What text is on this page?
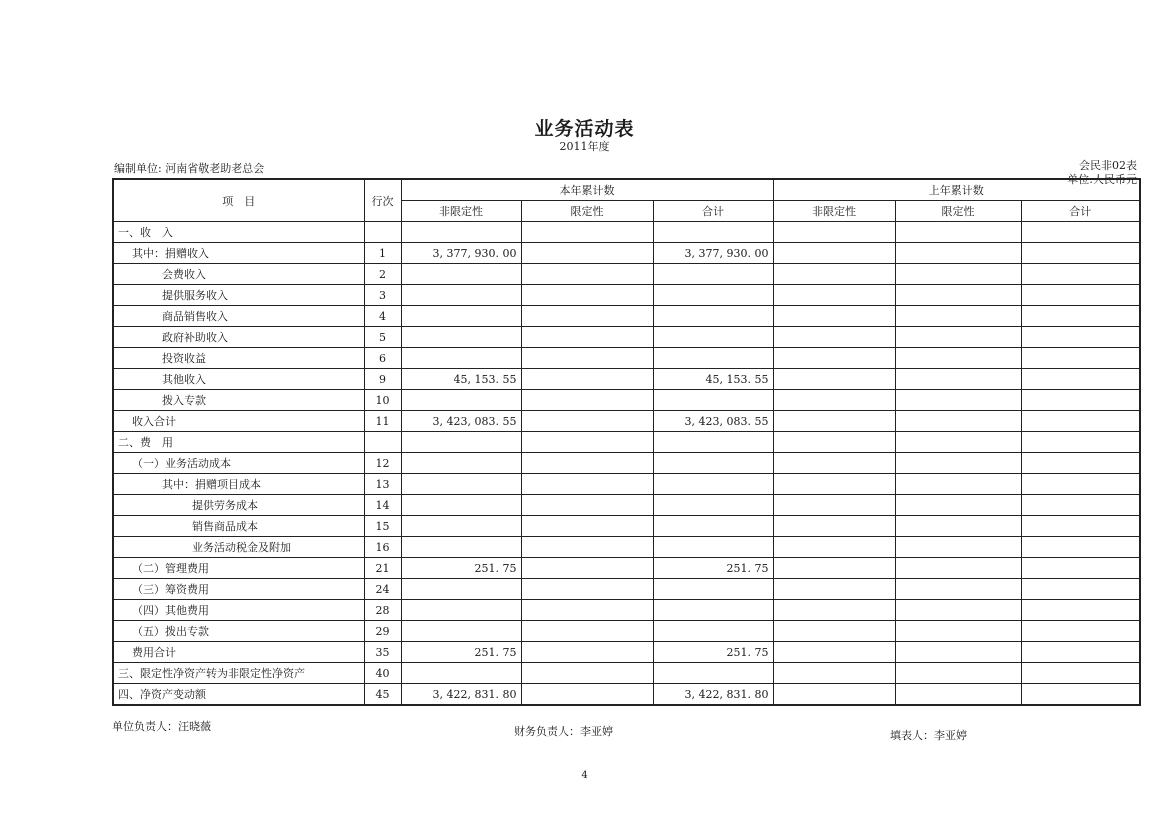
业务活动表
2011年度
编制单位: 河南省敬老助老总会	会民非02表
单位:人民币元
项　目	行次	本年累计数			上年累计数		
		非限定性	限定性	合计	非限定性	限定性	合计
一、收　入							
其中：捐赠收入	1	3, 377, 930. 00		3, 377, 930. 00			
会费收入	2						
提供服务收入	3						
商品销售收入	4						
政府补助收入	5						
投资收益	6						
其他收入	9	45, 153. 55		45, 153. 55			
拨入专款	10						
收入合计	11	3, 423, 083. 55		3, 423, 083. 55			
二、费　用							
（一）业务活动成本	12						
其中：捐赠项目成本	13						
提供劳务成本	14						
销售商品成本	15						
业务活动税金及附加	16						
（二）管理费用	21	251. 75		251. 75			
（三）筹资费用	24						
（四）其他费用	28						
（五）拨出专款	29						
费用合计	35	251. 75		251. 75			
三、限定性净资产转为非限定性净资产	40						
四、净资产变动额	45	3, 422, 831. 80		3, 422, 831. 80			
单位负责人：汪晓薇	财务负责人：李亚婷	填表人：李亚婷
4
